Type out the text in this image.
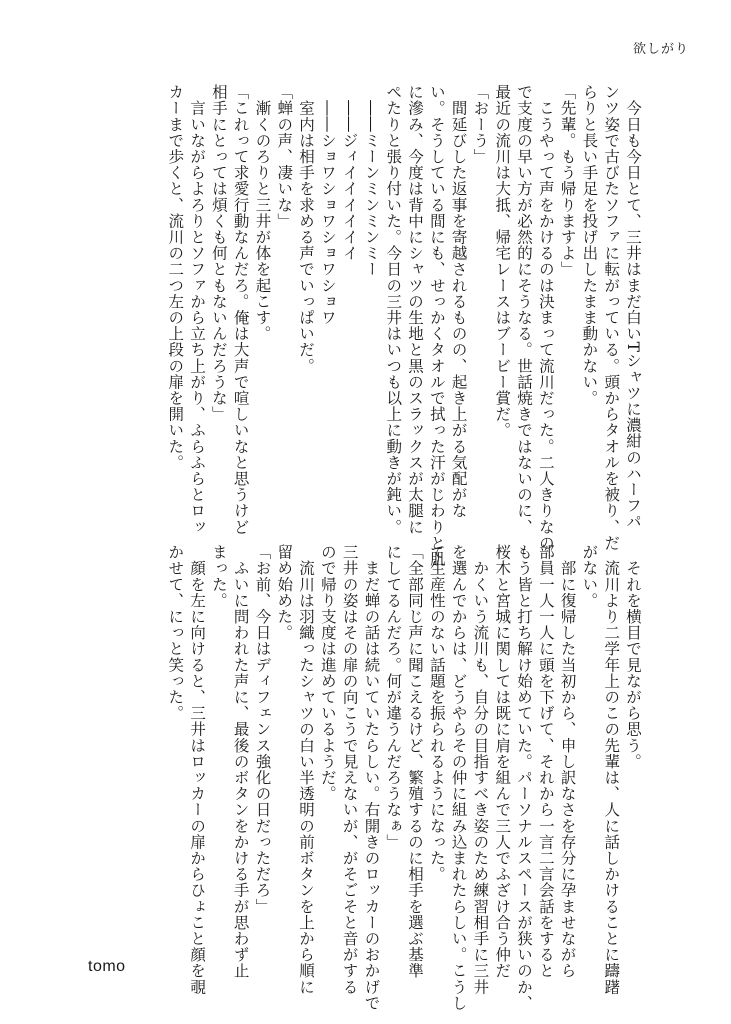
欲しがり
　今日も今日とて、三井はまだ白いTシャツに濃紺のハーフパ
ンツ姿で古びたソファに転がっている。頭からタオルを被り、だ
らりと長い手足を投げ出したまま動かない。
「先輩。もう帰りますよ」
　こうやって声をかけるのは決まって流川だった。二人きりなの
で支度の早い方が必然的にそうなる。世話焼きではないのに、
最近の流川は大抵、帰宅レースはブービー賞だ。
「おーう」
　間延びした返事を寄越されるものの、起き上がる気配がな
い。そうしている間にも、せっかくタオルで拭った汗がじわりと肌
に滲み、今度は背中にシャツの生地と黒のスラックスが太腿に
ぺたりと張り付いた。今日の三井はいつも以上に動きが鈍い。
　――ミーンミンミンミー
　――ジィイイイイイイ
　――ショワショワショワショワ
　室内は相手を求める声でいっぱいだ。
「蝉の声、凄いな」
　漸くのろりと三井が体を起こす。
「これって求愛行動なんだろ。俺は大声で喧しいなと思うけど
相手にとっては煩くも何ともないんだろうな」
　言いながらよろりとソファから立ち上がり、ふらふらとロッ
カーまで歩くと、流川の二つ左の上段の扉を開いた。
　それを横目で見ながら思う。
　流川より二学年上のこの先輩は、人に話しかけることに躊躇
がない。
　部に復帰した当初から、申し訳なさを存分に孕ませながら
部員一人一人に頭を下げて、それから一言二言会話をすると
もう皆と打ち解け始めていた。パーソナルスペースが狭いのか、
桜木と宮城に関しては既に肩を組んで三人でふざけ合う仲だ
　かくいう流川も、自分の目指すべき姿のため練習相手に三井
を選んでからは、どうやらその仲に組み込まれたらしい。こうし
て生産性のない話題を振られるようになった。
「全部同じ声に聞こえるけど、繁殖するのに相手を選ぶ基準
にしてるんだろ。何が違うんだろうなぁ」
　まだ蝉の話は続いていたらしい。右開きのロッカーのおかげで
三井の姿はその扉の向こうで見えないが、がそごそと音がする
ので帰り支度は進めているようだ。
　流川は羽織ったシャツの白い半透明の前ボタンを上から順に
留め始めた。
「お前、今日はディフェンス強化の日だっただろ」
　ふいに問われた声に、最後のボタンをかける手が思わず止
まった。
　顔を左に向けると、三井はロッカーの扉からひょこと顔を覗
かせて、にっと笑った。
tomo
